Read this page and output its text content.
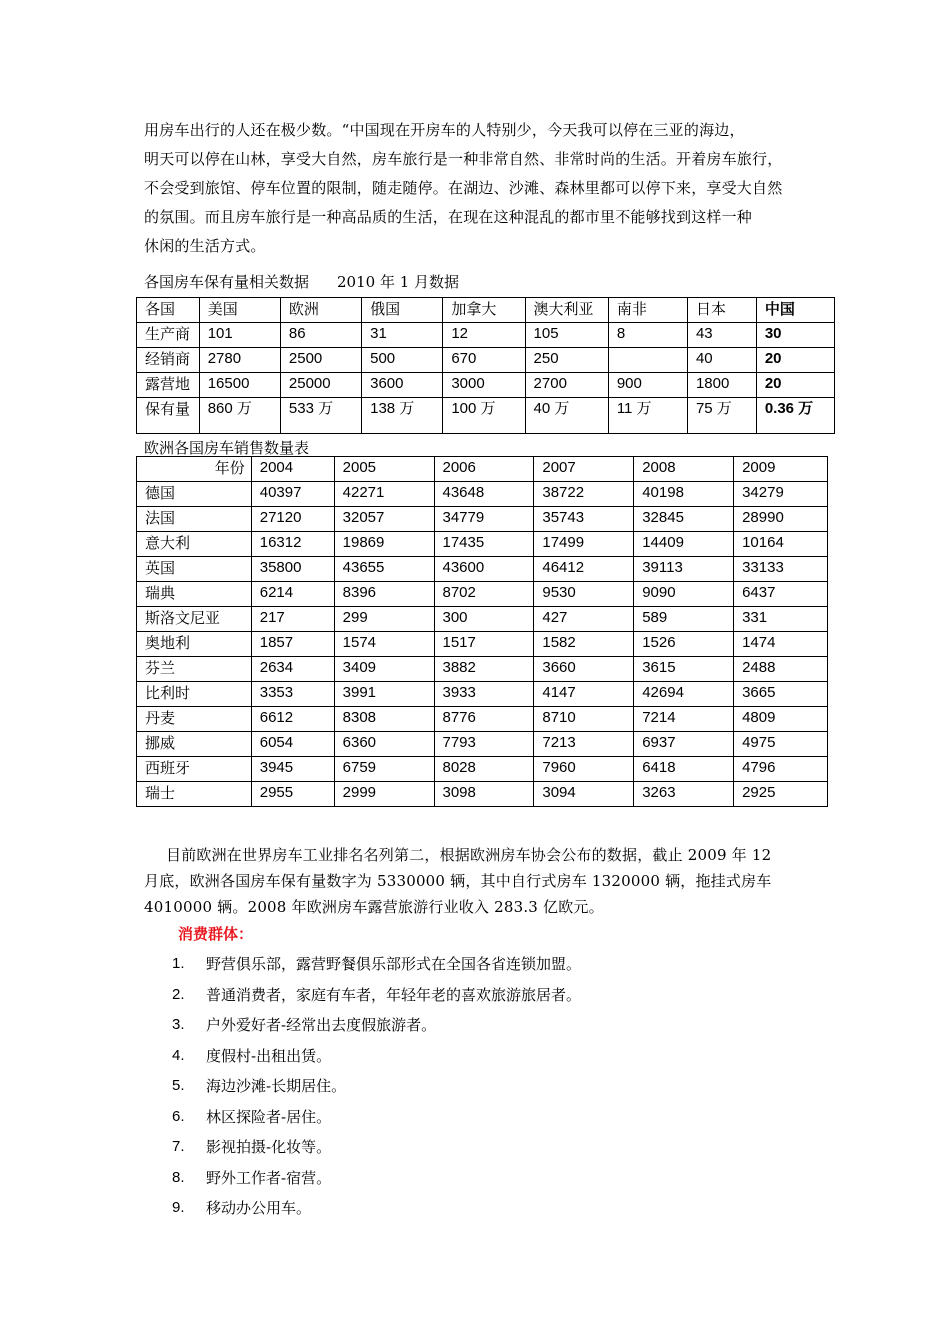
用房车出行的人还在极少数。“中国现在开房车的人特别少，今天我可以停在三亚的海边，
明天可以停在山林，享受大自然，房车旅行是一种非常自然、非常时尚的生活。开着房车旅行，
不会受到旅馆、停车位置的限制，随走随停。在湖边、沙滩、森林里都可以停下来，享受大自然
的氛围。而且房车旅行是一种高品质的生活，在现在这种混乱的都市里不能够找到这样一种
休闲的生活方式。
各国房车保有量相关数据 2010 年 1 月数据
各国	美国	欧洲	俄国	加拿大	澳大利亚	南非	日本	中国
生产商	101	86	31	12	105	8	43	30
经销商	2780	2500	500	670	250		40	20
露营地	16500	25000	3600	3000	2700	900	1800	20
保有量	860 万	533 万	138 万	100 万	40 万	11 万	75 万	0.36 万
欧洲各国房车销售数量表
年份	2004	2005	2006	2007	2008	2009
德国	40397	42271	43648	38722	40198	34279
法国	27120	32057	34779	35743	32845	28990
意大利	16312	19869	17435	17499	14409	10164
英国	35800	43655	43600	46412	39113	33133
瑞典	6214	8396	8702	9530	9090	6437
斯洛文尼亚	217	299	300	427	589	331
奥地利	1857	1574	1517	1582	1526	1474
芬兰	2634	3409	3882	3660	3615	2488
比利时	3353	3991	3933	4147	42694	3665
丹麦	6612	8308	8776	8710	7214	4809
挪威	6054	6360	7793	7213	6937	4975
西班牙	3945	6759	8028	7960	6418	4796
瑞士	2955	2999	3098	3094	3263	2925
目前欧洲在世界房车工业排名名列第二，根据欧洲房车协会公布的数据，截止 2009 年 12
月底，欧洲各国房车保有量数字为 5330000 辆，其中自行式房车 1320000 辆，拖挂式房车
4010000 辆。2008 年欧洲房车露营旅游行业收入 283.3 亿欧元。
消费群体：
1.	野营俱乐部，露营野餐俱乐部形式在全国各省连锁加盟。
2.	普通消费者，家庭有车者，年轻年老的喜欢旅游旅居者。
3.	户外爱好者-经常出去度假旅游者。
4.	度假村-出租出赁。
5.	海边沙滩-长期居住。
6.	林区探险者-居住。
7.	影视拍摄-化妆等。
8.	野外工作者-宿营。
9.	移动办公用车。
